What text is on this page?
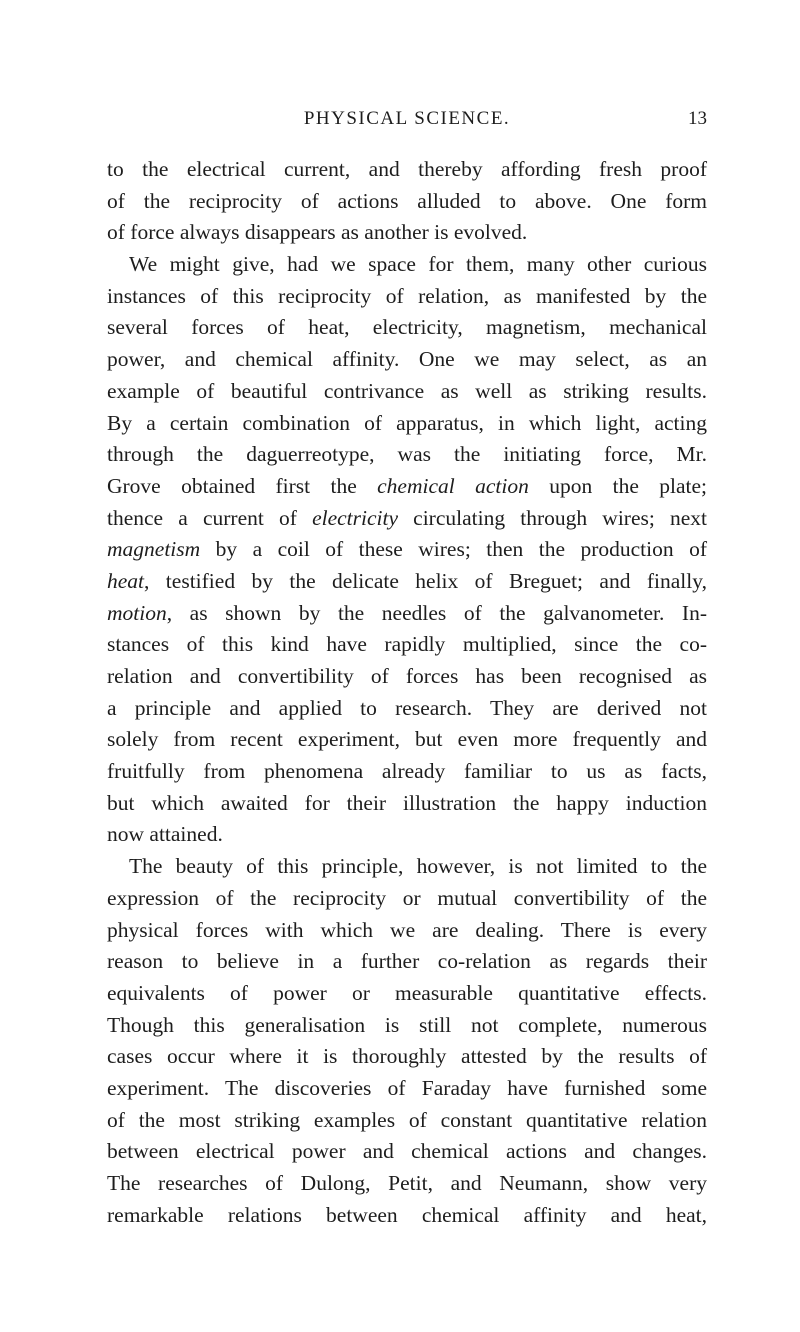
PHYSICAL SCIENCE.	13
to the electrical current, and thereby affording fresh proof
of the reciprocity of actions alluded to above. One form
of force always disappears as another is evolved.
We might give, had we space for them, many other curious
instances of this reciprocity of relation, as manifested by the
several forces of heat, electricity, magnetism, mechanical
power, and chemical affinity. One we may select, as an
example of beautiful contrivance as well as striking results.
By a certain combination of apparatus, in which light, acting
through the daguerreotype, was the initiating force, Mr.
Grove obtained first the chemical action upon the plate;
thence a current of electricity circulating through wires; next
magnetism by a coil of these wires; then the production of
heat, testified by the delicate helix of Breguet; and finally,
motion, as shown by the needles of the galvanometer. In-
stances of this kind have rapidly multiplied, since the co-
relation and convertibility of forces has been recognised as
a principle and applied to research. They are derived not
solely from recent experiment, but even more frequently and
fruitfully from phenomena already familiar to us as facts,
but which awaited for their illustration the happy induction
now attained.
The beauty of this principle, however, is not limited to the
expression of the reciprocity or mutual convertibility of the
physical forces with which we are dealing. There is every
reason to believe in a further co-relation as regards their
equivalents of power or measurable quantitative effects.
Though this generalisation is still not complete, numerous
cases occur where it is thoroughly attested by the results of
experiment. The discoveries of Faraday have furnished some
of the most striking examples of constant quantitative relation
between electrical power and chemical actions and changes.
The researches of Dulong, Petit, and Neumann, show very
remarkable relations between chemical affinity and heat,
